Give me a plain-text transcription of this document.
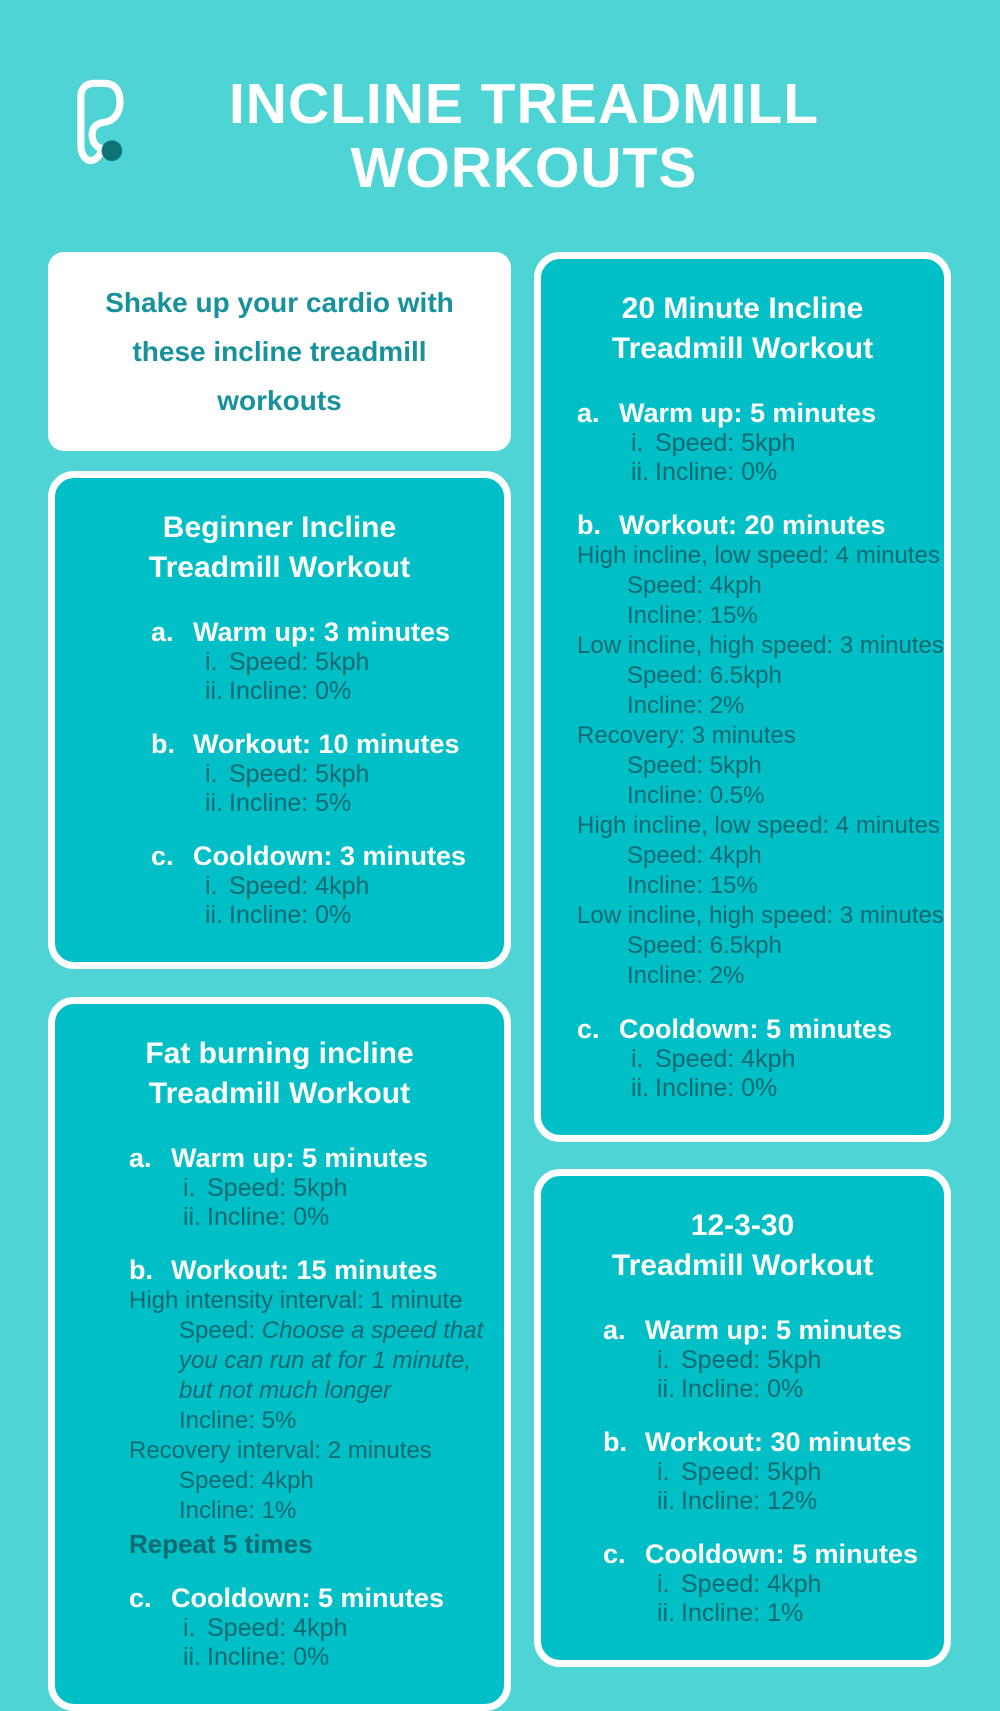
INCLINE TREADMILL
WORKOUTS

Shake up your cardio with these incline treadmill workouts

Beginner Incline
Treadmill Workout
a. Warm up: 3 minutes
i. Speed: 5kph
ii. Incline: 0%
b. Workout: 10 minutes
i. Speed: 5kph
ii. Incline: 5%
c. Cooldown: 3 minutes
i. Speed: 4kph
ii. Incline: 0%
Fat burning incline
Treadmill Workout
a. Warm up: 5 minutes
i. Speed: 5kph
ii. Incline: 0%
b. Workout: 15 minutes
High intensity interval: 1 minute
Speed: Choose a speed that you can run at for 1 minute, but not much longer
Incline: 5%
Recovery interval: 2 minutes
Speed: 4kph
Incline: 1%
Repeat 5 times
c. Cooldown: 5 minutes
i. Speed: 4kph
ii. Incline: 0%
20 Minute Incline
Treadmill Workout
a. Warm up: 5 minutes
i. Speed: 5kph
ii. Incline: 0%
b. Workout: 20 minutes
High incline, low speed: 4 minutes
Speed: 4kph
Incline: 15%
Low incline, high speed: 3 minutes
Speed: 6.5kph
Incline: 2%
Recovery: 3 minutes
Speed: 5kph
Incline: 0.5%
High incline, low speed: 4 minutes
Speed: 4kph
Incline: 15%
Low incline, high speed: 3 minutes
Speed: 6.5kph
Incline: 2%
c. Cooldown: 5 minutes
i. Speed: 4kph
ii. Incline: 0%
12-3-30
Treadmill Workout
a. Warm up: 5 minutes
i. Speed: 5kph
ii. Incline: 0%
b. Workout: 30 minutes
i. Speed: 5kph
ii. Incline: 12%
c. Cooldown: 5 minutes
i. Speed: 4kph
ii. Incline: 1%
